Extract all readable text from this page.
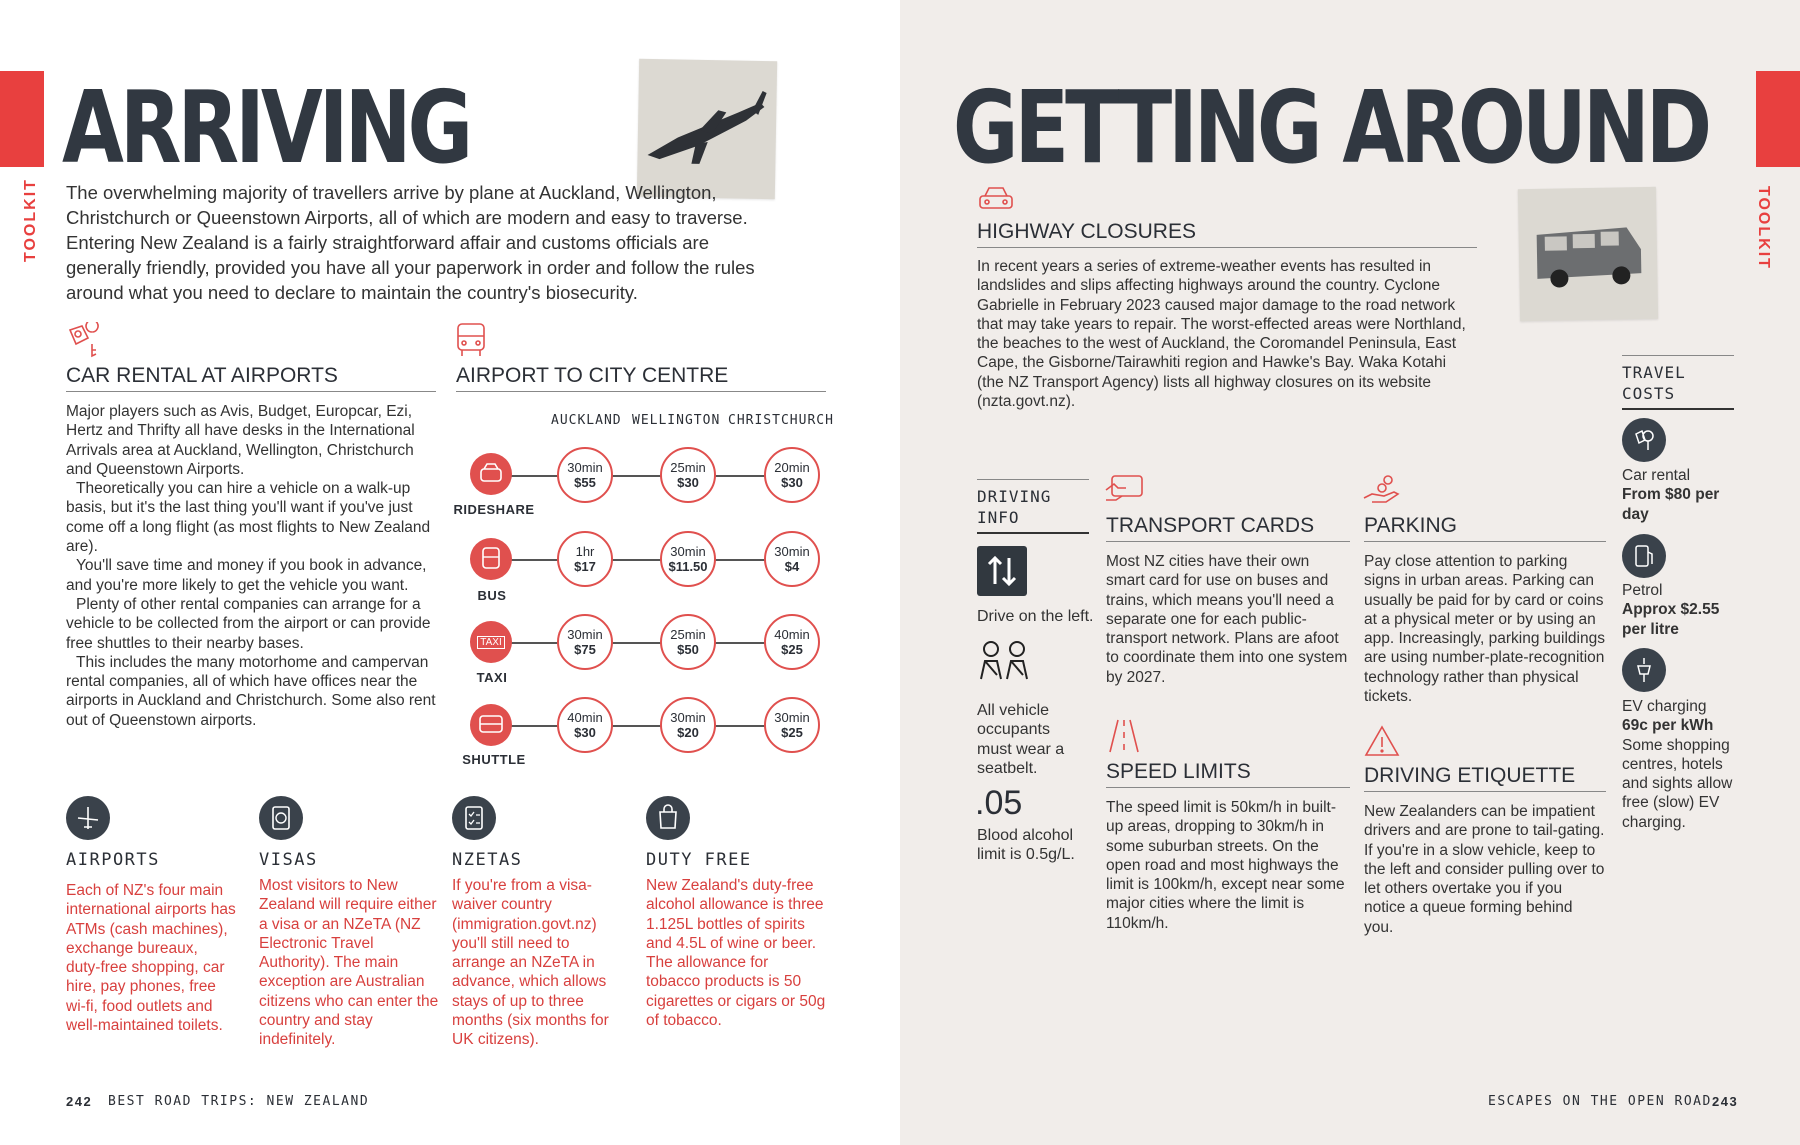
TOOLKIT
ARRIVING
The overwhelming majority of travellers arrive by plane at Auckland, Wellington, Christchurch or Queenstown Airports, all of which are modern and easy to traverse. Entering New Zealand is a fairly straightforward affair and customs officials are generally friendly, provided you have all your paperwork in order and follow the rules around what you need to declare to maintain the country's biosecurity.
CAR RENTAL AT AIRPORTS

Major players such as Avis, Budget, Europcar, Ezi, Hertz and Thrifty all have desks in the International Arrivals area at Auckland, Wellington, Christchurch and Queenstown Airports.

Theoretically you can hire a vehicle on a walk-up basis, but it's the last thing you'll want if you've just come off a long flight (as most flights to New Zealand are).

You'll save time and money if you book in advance, and you're more likely to get the vehicle you want.

Plenty of other rental companies can arrange for a vehicle to be collected from the airport or can provide free shuttles to their nearby bases.

This includes the many motorhome and campervan rental companies, all of which have offices near the airports in Auckland and Christchurch. Some also rent out of Queenstown airports.

AIRPORT TO CITY CENTRE
AUCKLAND WELLINGTON CHRISTCHURCH
RIDESHARE
30min
$55
25min
$30
20min
$30
BUS
1hr
$17
30min
$11.50
30min
$4
TAXI
TAXI
30min
$75
25min
$50
40min
$25
SHUTTLE
40min
$30
30min
$20
30min
$25
AIRPORTS
Each of NZ's four main international airports has ATMs (cash machines), exchange bureaux, duty-free shopping, car hire, pay phones, free wi-fi, food outlets and well-maintained toilets.
VISAS
Most visitors to New Zealand will require either a visa or an NZeTA (NZ Electronic Travel Authority). The main exception are Australian citizens who can enter the country and stay indefinitely.
NZETAS
If you're from a visa-waiver country (immigration.govt.nz) you'll still need to arrange an NZeTA in advance, which allows stays of up to three months (six months for UK citizens).
DUTY FREE
New Zealand's duty-free alcohol allowance is three 1.125L bottles of spirits and 4.5L of wine or beer. The allowance for tobacco products is 50 cigarettes or cigars or 50g of tobacco.
242 BEST ROAD TRIPS: NEW ZEALAND
TOOLKIT
GETTING AROUND
HIGHWAY CLOSURES
In recent years a series of extreme-weather events has resulted in landslides and slips affecting highways around the country. Cyclone Gabrielle in February 2023 caused major damage to the road network that may take years to repair. The worst-effected areas were Northland, the beaches to the west of Auckland, the Coromandel Peninsula, East Cape, the Gisborne/Tairawhiti region and Hawke's Bay. Waka Kotahi (the NZ Transport Agency) lists all highway closures on its website (nzta.govt.nz).
TRAVEL COSTS
Car rental
From $80 per day
Petrol
Approx $2.55 per litre
EV charging
69c per kWh
Some shopping centres, hotels and sights allow free (slow) EV charging.
DRIVING INFO
Drive on the left.
All vehicle occupants must wear a seatbelt.
.05
Blood alcohol limit is 0.5g/L.
TRANSPORT CARDS
Most NZ cities have their own smart card for use on buses and trains, which means you'll need a separate one for each public-transport network. Plans are afoot to coordinate them into one system by 2027.
PARKING
Pay close attention to parking signs in urban areas. Parking can usually be paid for by card or coins at a physical meter or by using an app. Increasingly, parking buildings are using number-plate-recognition technology rather than physical tickets.
SPEED LIMITS
The speed limit is 50km/h in built-up areas, dropping to 30km/h in some suburban streets. On the open road and most highways the limit is 100km/h, except near some major cities where the limit is 110km/h.
DRIVING ETIQUETTE
New Zealanders can be impatient drivers and are prone to tail-gating. If you're in a slow vehicle, keep to the left and consider pulling over to let others overtake you if you notice a queue forming behind you.
ESCAPES ON THE OPEN ROAD 243
